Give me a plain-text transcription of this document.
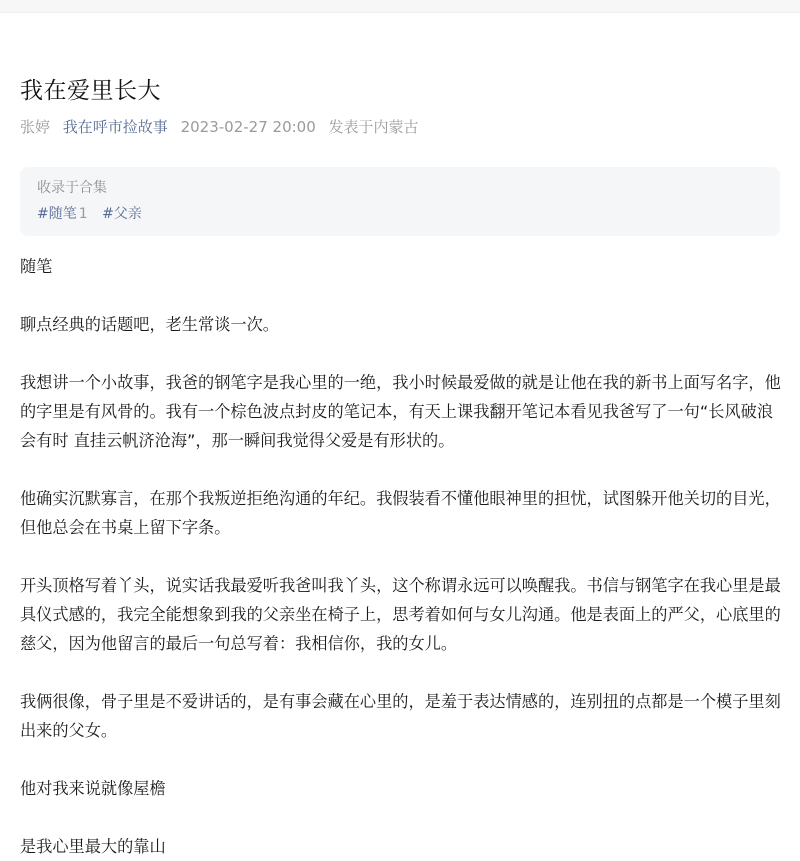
我在爱里长大
张婷 我在呼市捡故事 2023-02-27 20:00 发表于内蒙古
收录于合集
#随笔 1 #父亲

随笔

聊点经典的话题吧，老生常谈一次。

我想讲一个小故事，我爸的钢笔字是我心里的一绝，我小时候最爱做的就是让他在我的新书上面写名字，他的字里是有风骨的。我有一个棕色波点封皮的笔记本，有天上课我翻开笔记本看见我爸写了一句“长风破浪会有时 直挂云帆济沧海”，那一瞬间我觉得父爱是有形状的。

他确实沉默寡言，在那个我叛逆拒绝沟通的年纪。我假装看不懂他眼神里的担忧，试图躲开他关切的目光，但他总会在书桌上留下字条。

开头顶格写着丫头，说实话我最爱听我爸叫我丫头，这个称谓永远可以唤醒我。书信与钢笔字在我心里是最具仪式感的，我完全能想象到我的父亲坐在椅子上，思考着如何与女儿沟通。他是表面上的严父，心底里的慈父，因为他留言的最后一句总写着：我相信你，我的女儿。

我俩很像，骨子里是不爱讲话的，是有事会藏在心里的，是羞于表达情感的，连别扭的点都是一个模子里刻出来的父女。

他对我来说就像屋檐

是我心里最大的靠山
